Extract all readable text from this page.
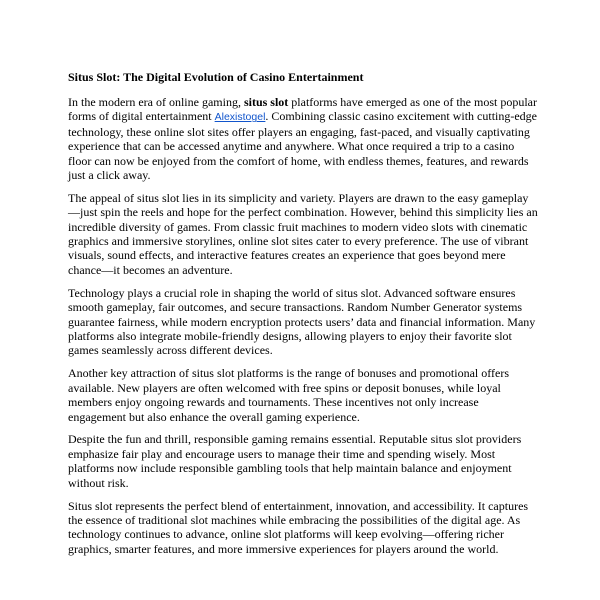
Situs Slot: The Digital Evolution of Casino Entertainment

In the modern era of online gaming, situs slot platforms have emerged as one of the most popular forms of digital entertainment Alexistogel. Combining classic casino excitement with cutting-edge technology, these online slot sites offer players an engaging, fast-paced, and visually captivating experience that can be accessed anytime and anywhere. What once required a trip to a casino floor can now be enjoyed from the comfort of home, with endless themes, features, and rewards just a click away.

The appeal of situs slot lies in its simplicity and variety. Players are drawn to the easy gameplay—just spin the reels and hope for the perfect combination. However, behind this simplicity lies an incredible diversity of games. From classic fruit machines to modern video slots with cinematic graphics and immersive storylines, online slot sites cater to every preference. The use of vibrant visuals, sound effects, and interactive features creates an experience that goes beyond mere chance—it becomes an adventure.

Technology plays a crucial role in shaping the world of situs slot. Advanced software ensures smooth gameplay, fair outcomes, and secure transactions. Random Number Generator systems guarantee fairness, while modern encryption protects users’ data and financial information. Many platforms also integrate mobile-friendly designs, allowing players to enjoy their favorite slot games seamlessly across different devices.

Another key attraction of situs slot platforms is the range of bonuses and promotional offers available. New players are often welcomed with free spins or deposit bonuses, while loyal members enjoy ongoing rewards and tournaments. These incentives not only increase engagement but also enhance the overall gaming experience.

Despite the fun and thrill, responsible gaming remains essential. Reputable situs slot providers emphasize fair play and encourage users to manage their time and spending wisely. Most platforms now include responsible gambling tools that help maintain balance and enjoyment without risk.

Situs slot represents the perfect blend of entertainment, innovation, and accessibility. It captures the essence of traditional slot machines while embracing the possibilities of the digital age. As technology continues to advance, online slot platforms will keep evolving—offering richer graphics, smarter features, and more immersive experiences for players around the world.
